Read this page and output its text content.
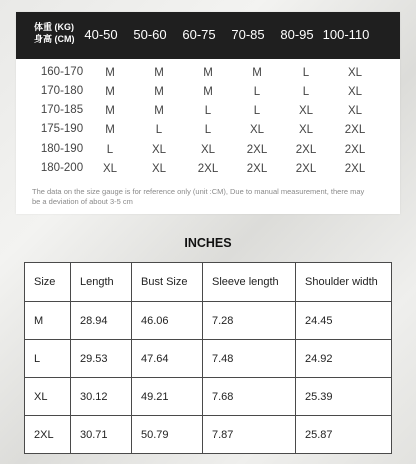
体重 (KG)
身高 (CM) 40-50	50-60	60-75	70-85	80-95 100-110
160-170	M	M	M	M	L	XL
170-180	M	M	M	L	L	XL
170-185	M	M	L	L	XL	XL
175-190	M	L	L	XL	XL	2XL
180-190	L	XL	XL	2XL	2XL	2XL
180-200	XL	XL	2XL	2XL	2XL	2XL
The data on the size gauge is for reference only (unit :CM), Due to manual measurement, there may be a deviation of about 3-5 cm
INCHES
Size	Length	Bust Size	Sleeve length	Shoulder width
M	28.94	46.06	7.28	24.45
L	29.53	47.64	7.48	24.92
XL	30.12	49.21	7.68	25.39
2XL	30.71	50.79	7.87	25.87
